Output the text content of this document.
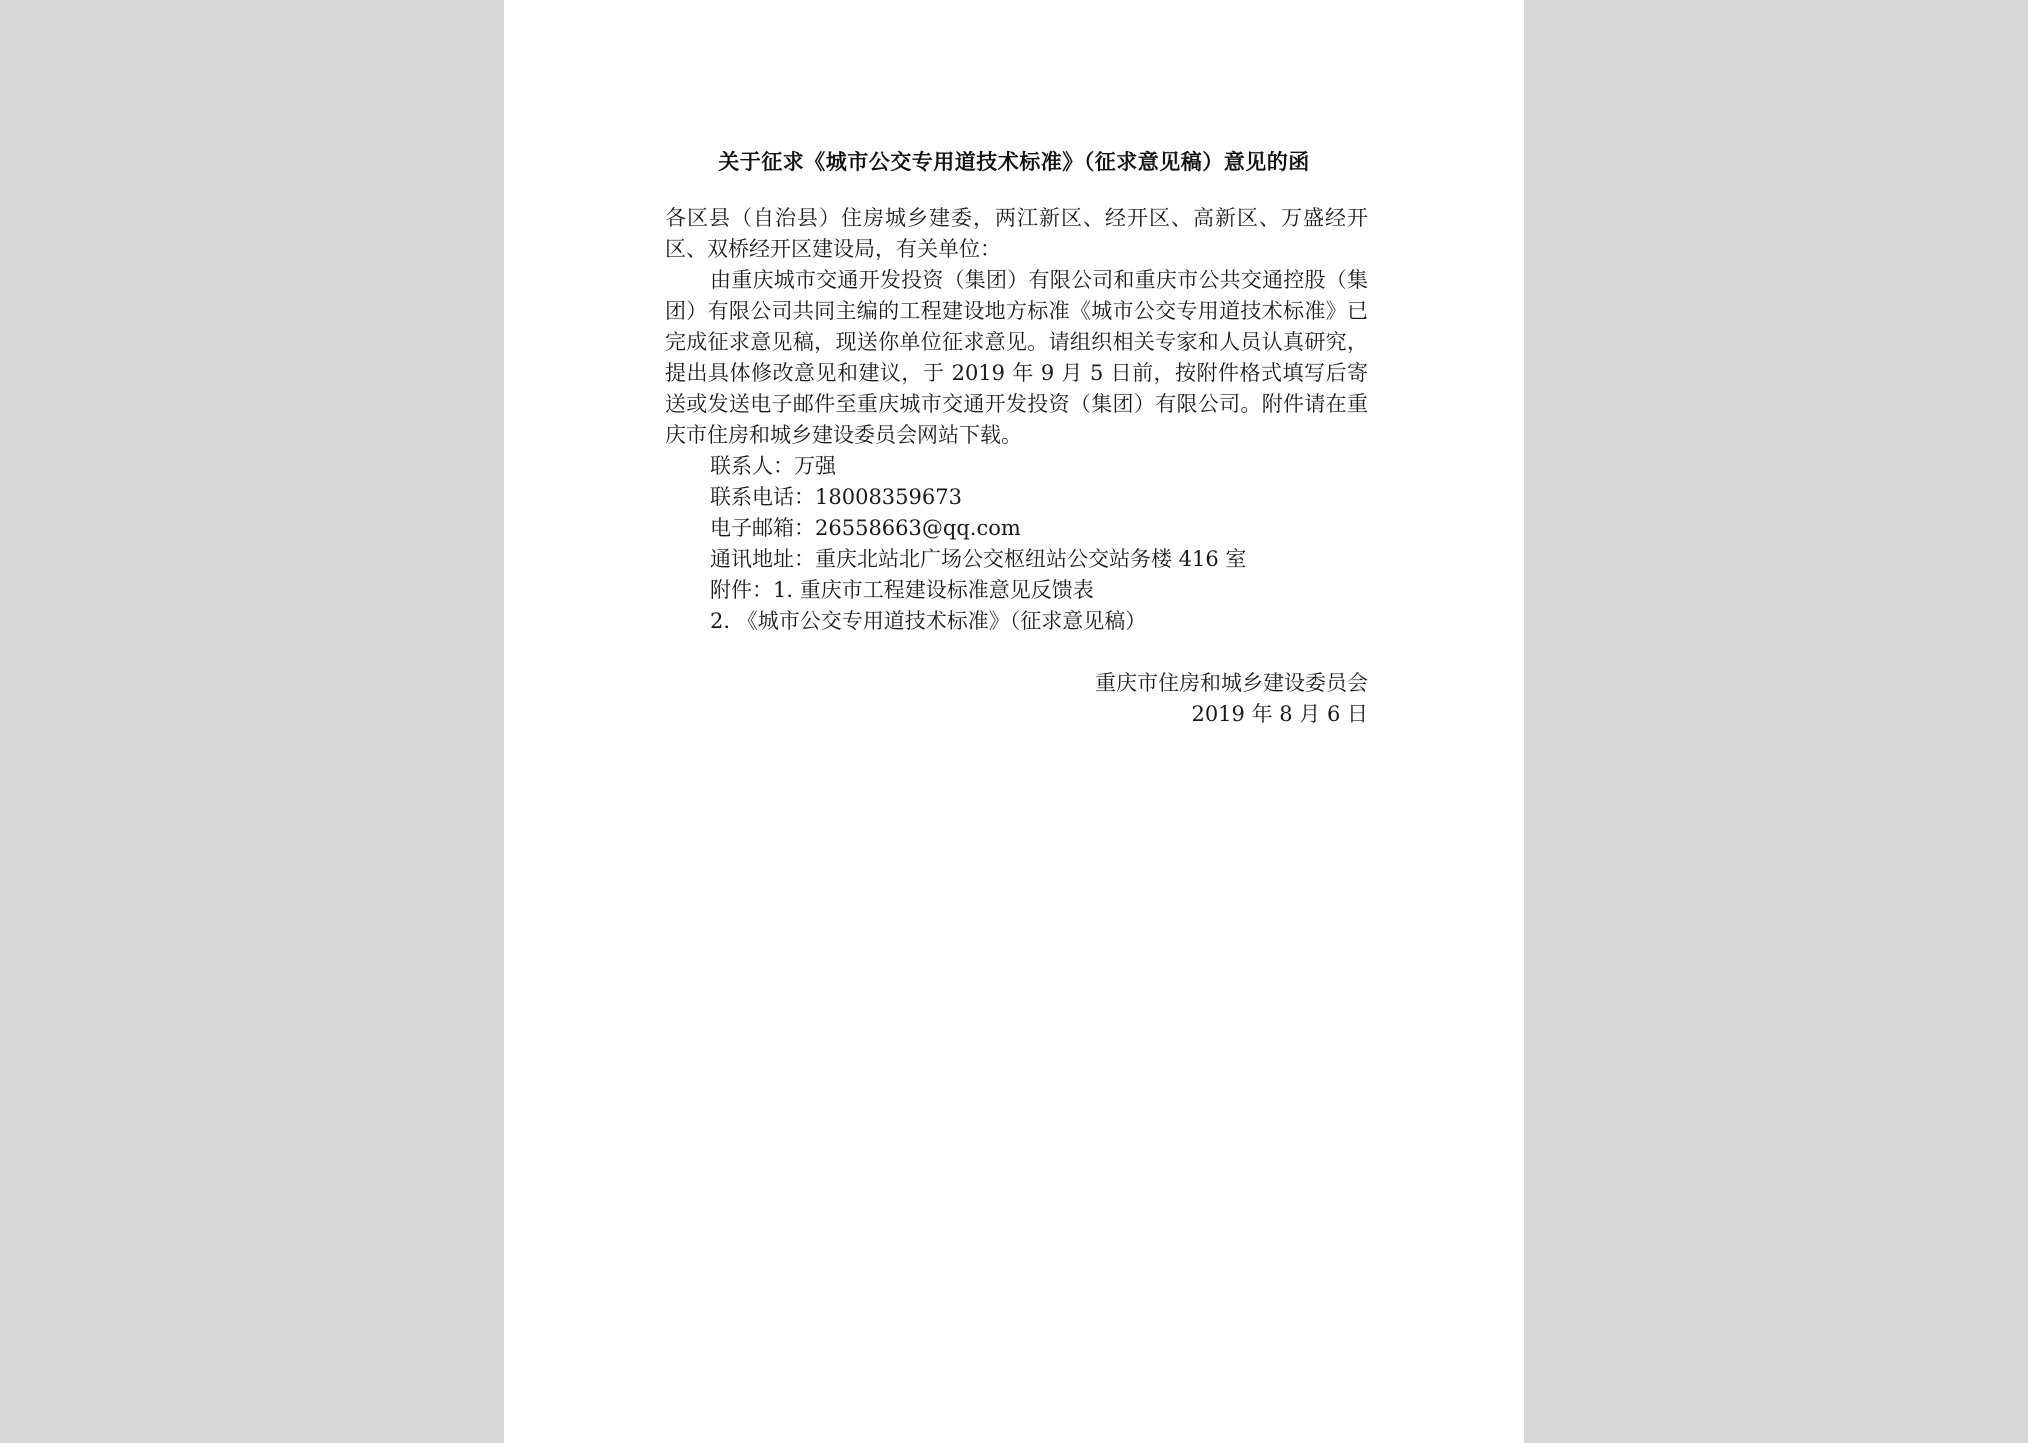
关于征求《城市公交专用道技术标准》（征求意见稿）意见的函

各区县（自治县）住房城乡建委，两江新区、经开区、高新区、万盛经开区、双桥经开区建设局，有关单位：

由重庆城市交通开发投资（集团）有限公司和重庆市公共交通控股（集团）有限公司共同主编的工程建设地方标准《城市公交专用道技术标准》已完成征求意见稿，现送你单位征求意见。请组织相关专家和人员认真研究，提出具体修改意见和建议，于 2019 年 9 月 5 日前，按附件格式填写后寄送或发送电子邮件至重庆城市交通开发投资（集团）有限公司。附件请在重庆市住房和城乡建设委员会网站下载。

联系人：万强

联系电话：18008359673

电子邮箱：26558663@qq.com

通讯地址：重庆北站北广场公交枢纽站公交站务楼 416 室

附件：1. 重庆市工程建设标准意见反馈表

2. 《城市公交专用道技术标准》（征求意见稿）

重庆市住房和城乡建设委员会
2019 年 8 月 6 日
